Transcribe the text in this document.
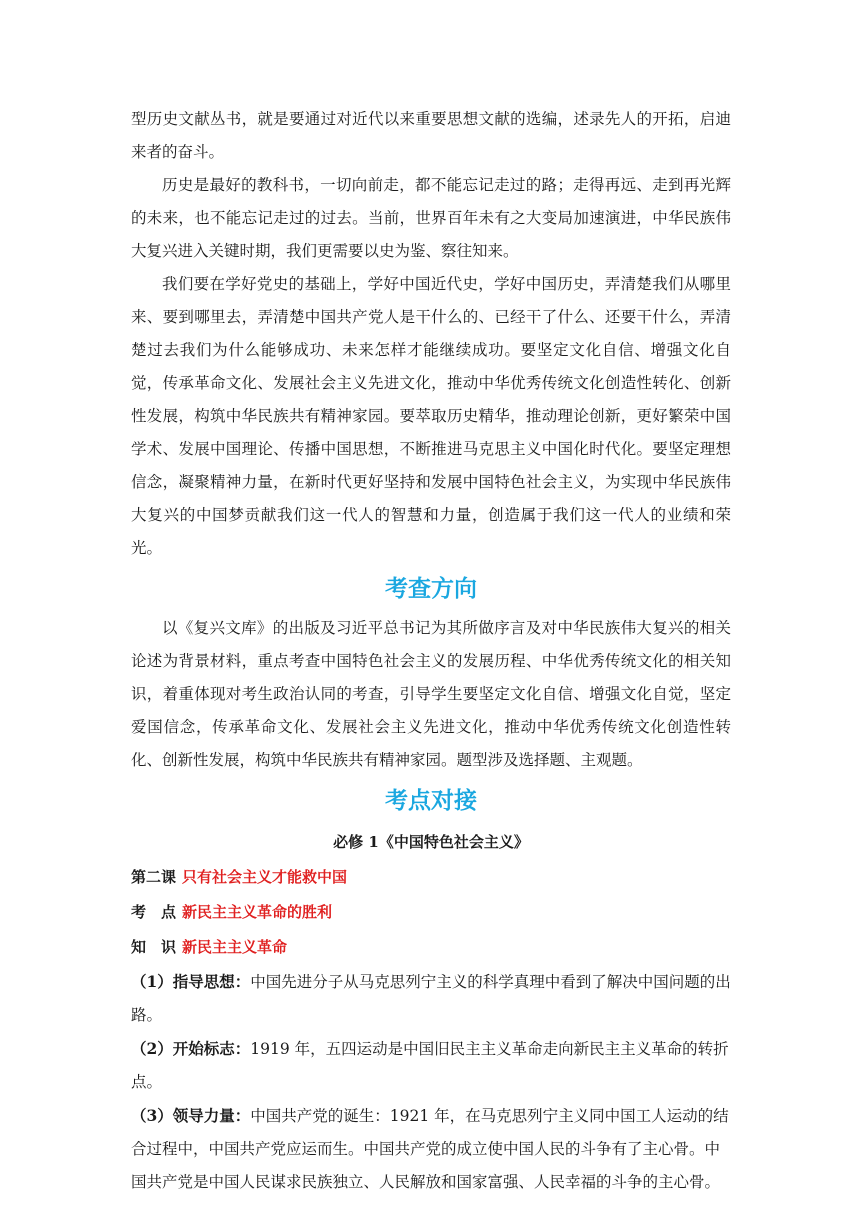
型历史文献丛书，就是要通过对近代以来重要思想文献的选编，述录先人的开拓，启迪来者的奋斗。

历史是最好的教科书，一切向前走，都不能忘记走过的路；走得再远、走到再光辉的未来，也不能忘记走过的过去。当前，世界百年未有之大变局加速演进，中华民族伟大复兴进入关键时期，我们更需要以史为鉴、察往知来。

我们要在学好党史的基础上，学好中国近代史，学好中国历史，弄清楚我们从哪里来、要到哪里去，弄清楚中国共产党人是干什么的、已经干了什么、还要干什么，弄清楚过去我们为什么能够成功、未来怎样才能继续成功。要坚定文化自信、增强文化自觉，传承革命文化、发展社会主义先进文化，推动中华优秀传统文化创造性转化、创新性发展，构筑中华民族共有精神家园。要萃取历史精华，推动理论创新，更好繁荣中国学术、发展中国理论、传播中国思想，不断推进马克思主义中国化时代化。要坚定理想信念，凝聚精神力量，在新时代更好坚持和发展中国特色社会主义，为实现中华民族伟大复兴的中国梦贡献我们这一代人的智慧和力量，创造属于我们这一代人的业绩和荣光。

考查方向

以《复兴文库》的出版及习近平总书记为其所做序言及对中华民族伟大复兴的相关论述为背景材料，重点考查中国特色社会主义的发展历程、中华优秀传统文化的相关知识，着重体现对考生政治认同的考查，引导学生要坚定文化自信、增强文化自觉，坚定爱国信念，传承革命文化、发展社会主义先进文化，推动中华优秀传统文化创造性转化、创新性发展，构筑中华民族共有精神家园。题型涉及选择题、主观题。

考点对接
必修 1《中国特色社会主义》
第二课 只有社会主义才能救中国
考　点 新民主主义革命的胜利
知　识 新民主主义革命
（1）指导思想：中国先进分子从马克思列宁主义的科学真理中看到了解决中国问题的出路。
（2）开始标志：1919 年，五四运动是中国旧民主主义革命走向新民主主义革命的转折点。
（3）领导力量：中国共产党的诞生：1921 年，在马克思列宁主义同中国工人运动的结合过程中，中国共产党应运而生。中国共产党的成立使中国人民的斗争有了主心骨。中国共产党是中国人民谋求民族独立、人民解放和国家富强、人民幸福的斗争的主心骨。
